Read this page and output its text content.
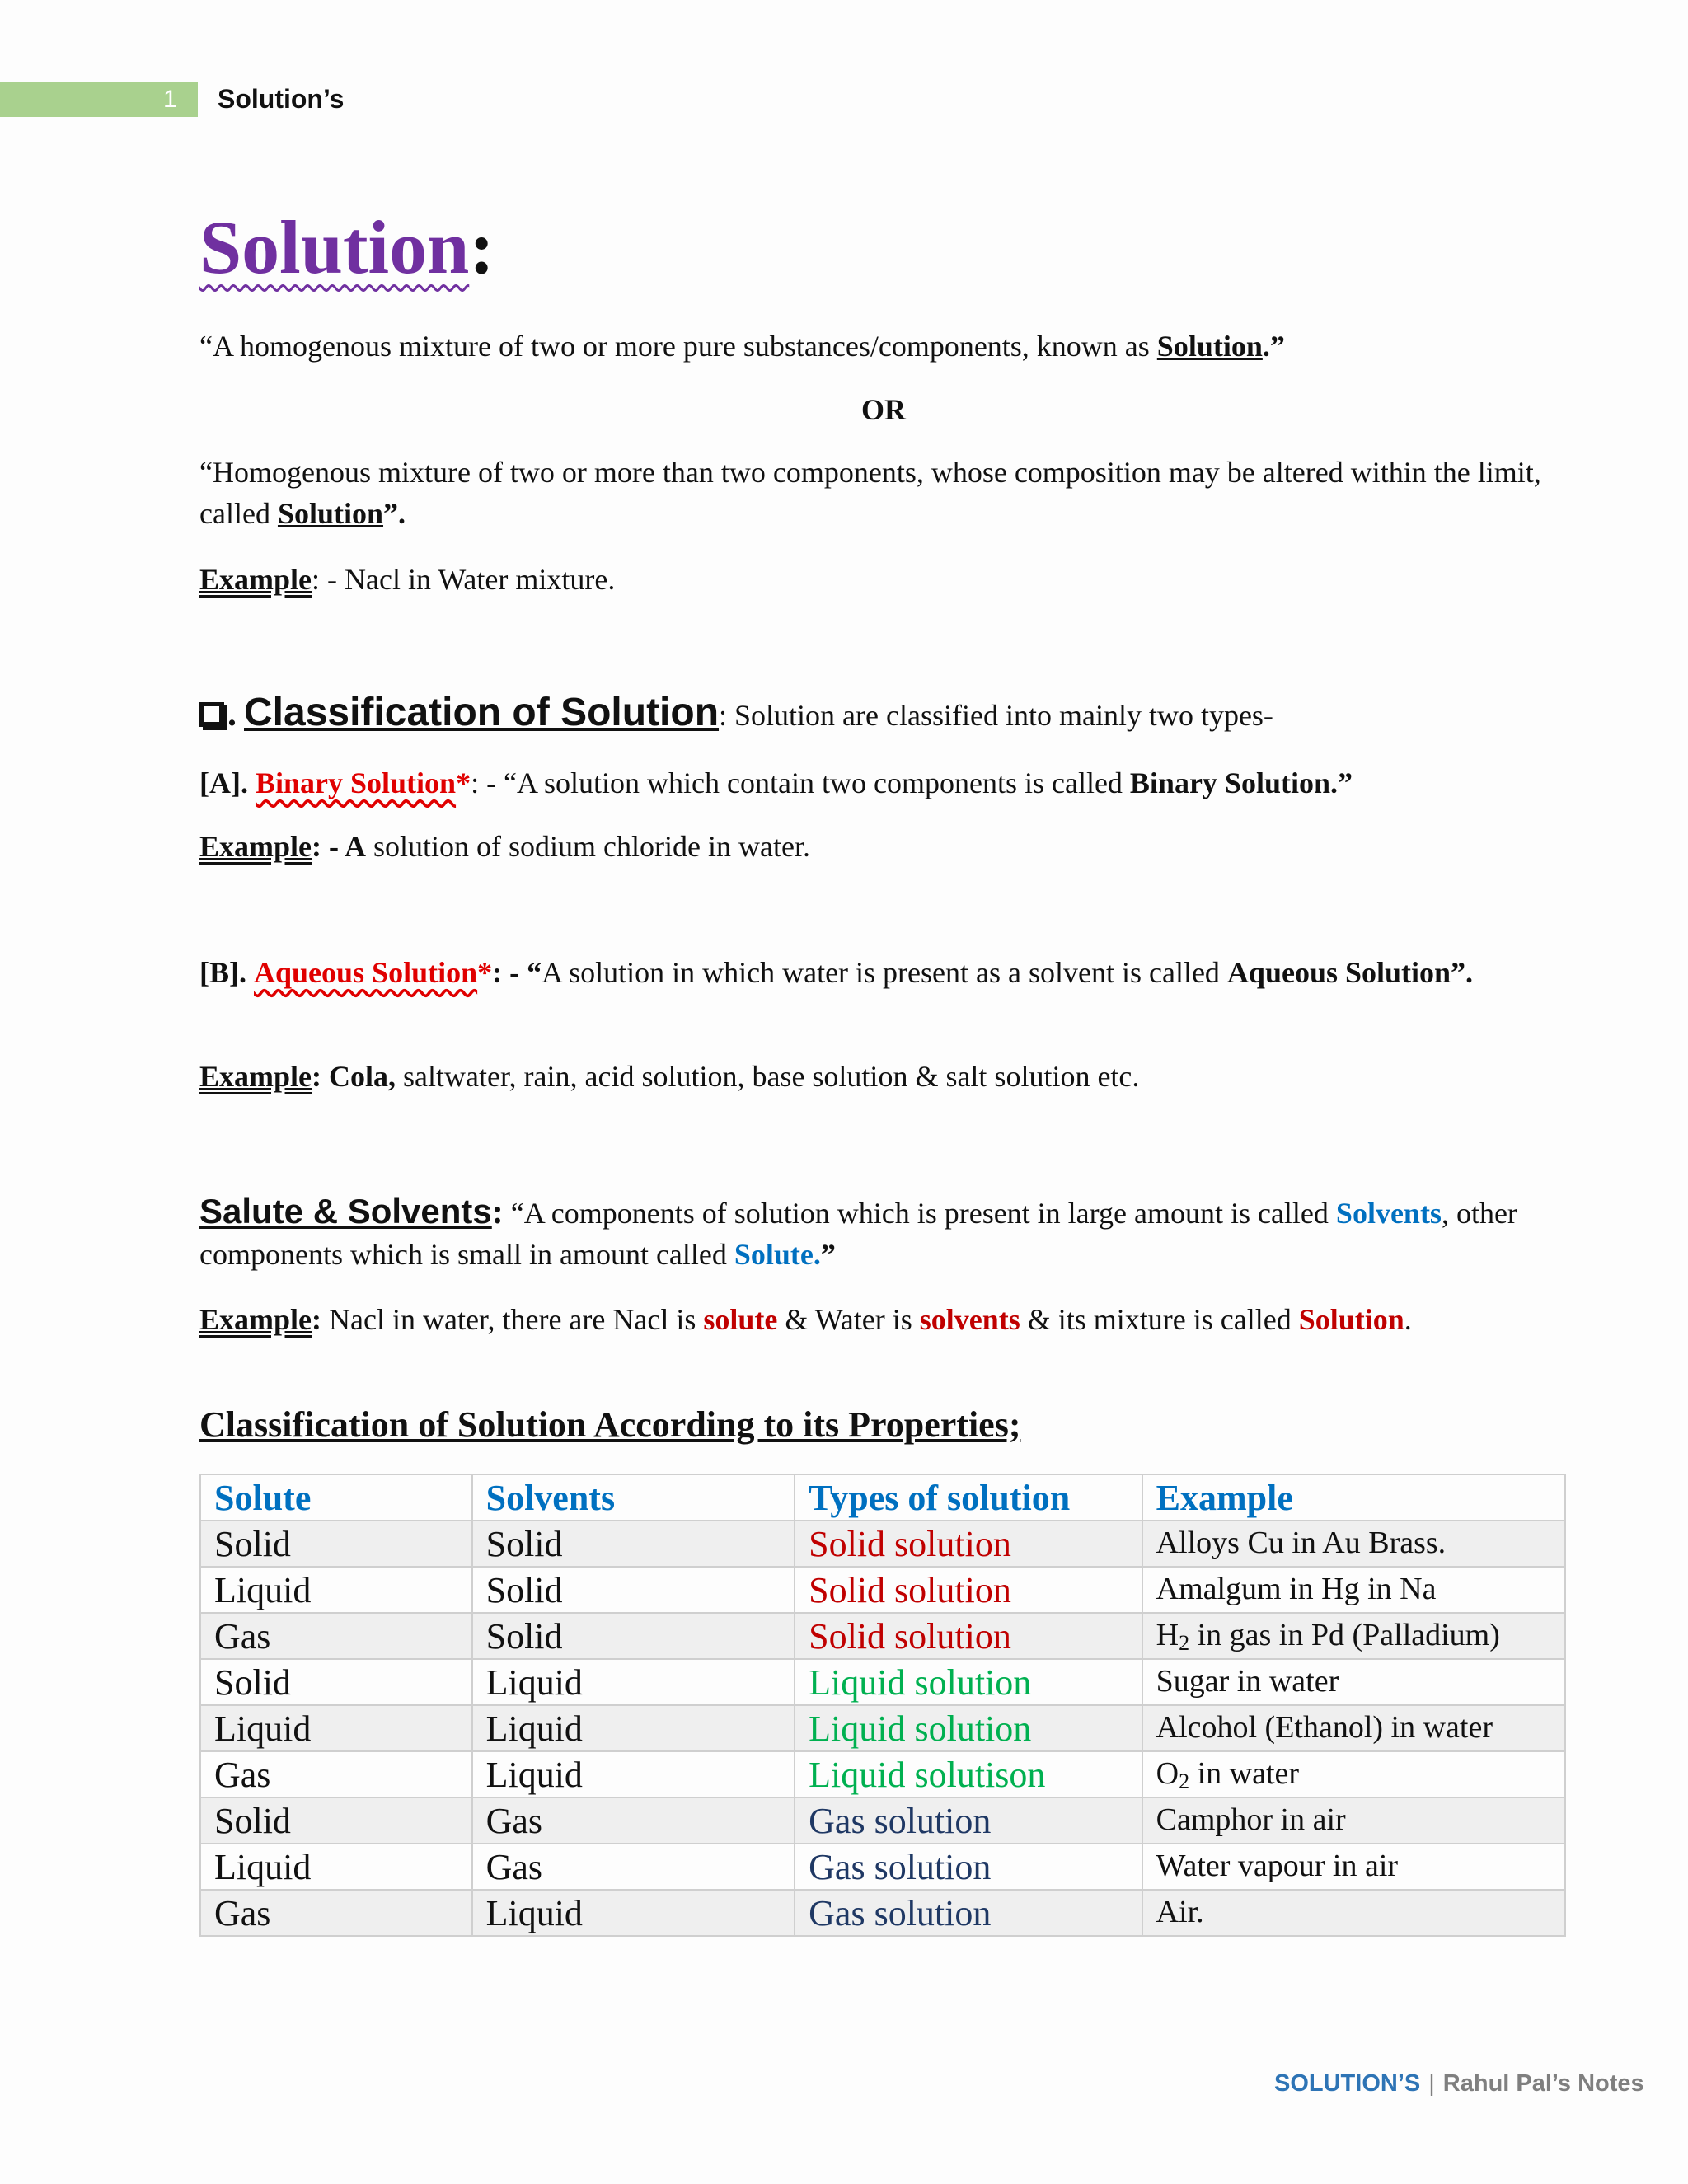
1 Solution’s
Solution:

“A homogenous mixture of two or more pure substances/components, known as Solution.”

OR

“Homogenous mixture of two or more than two components, whose composition may be altered within the limit, called Solution”.

Example: - Nacl in Water mixture.

. Classification of Solution: Solution are classified into mainly two types-

[A]. Binary Solution*: - “A solution which contain two components is called Binary Solution.”

Example: - A solution of sodium chloride in water.

[B]. Aqueous Solution*: - “A solution in which water is present as a solvent is called Aqueous Solution”.

Example: Cola, saltwater, rain, acid solution, base solution & salt solution etc.

Salute & Solvents: “A components of solution which is present in large amount is called Solvents, other components which is small in amount called Solute.”

Example: Nacl in water, there are Nacl is solute & Water is solvents & its mixture is called Solution.

Classification of Solution According to its Properties;

Solute	Solvents	Types of solution	Example
Solid	Solid	Solid solution	Alloys Cu in Au Brass.
Liquid	Solid	Solid solution	Amalgum in Hg in Na
Gas	Solid	Solid solution	$H_2$ in gas in Pd (Palladium)
Solid	Liquid	Liquid solution	Sugar in water
Liquid	Liquid	Liquid solution	Alcohol (Ethanol) in water
Gas	Liquid	Liquid solutison	$O_2$ in water
Solid	Gas	Gas solution	Camphor in air
Liquid	Gas	Gas solution	Water vapour in air
Gas	Liquid	Gas solution	Air.
SOLUTION’S | Rahul Pal’s Notes
